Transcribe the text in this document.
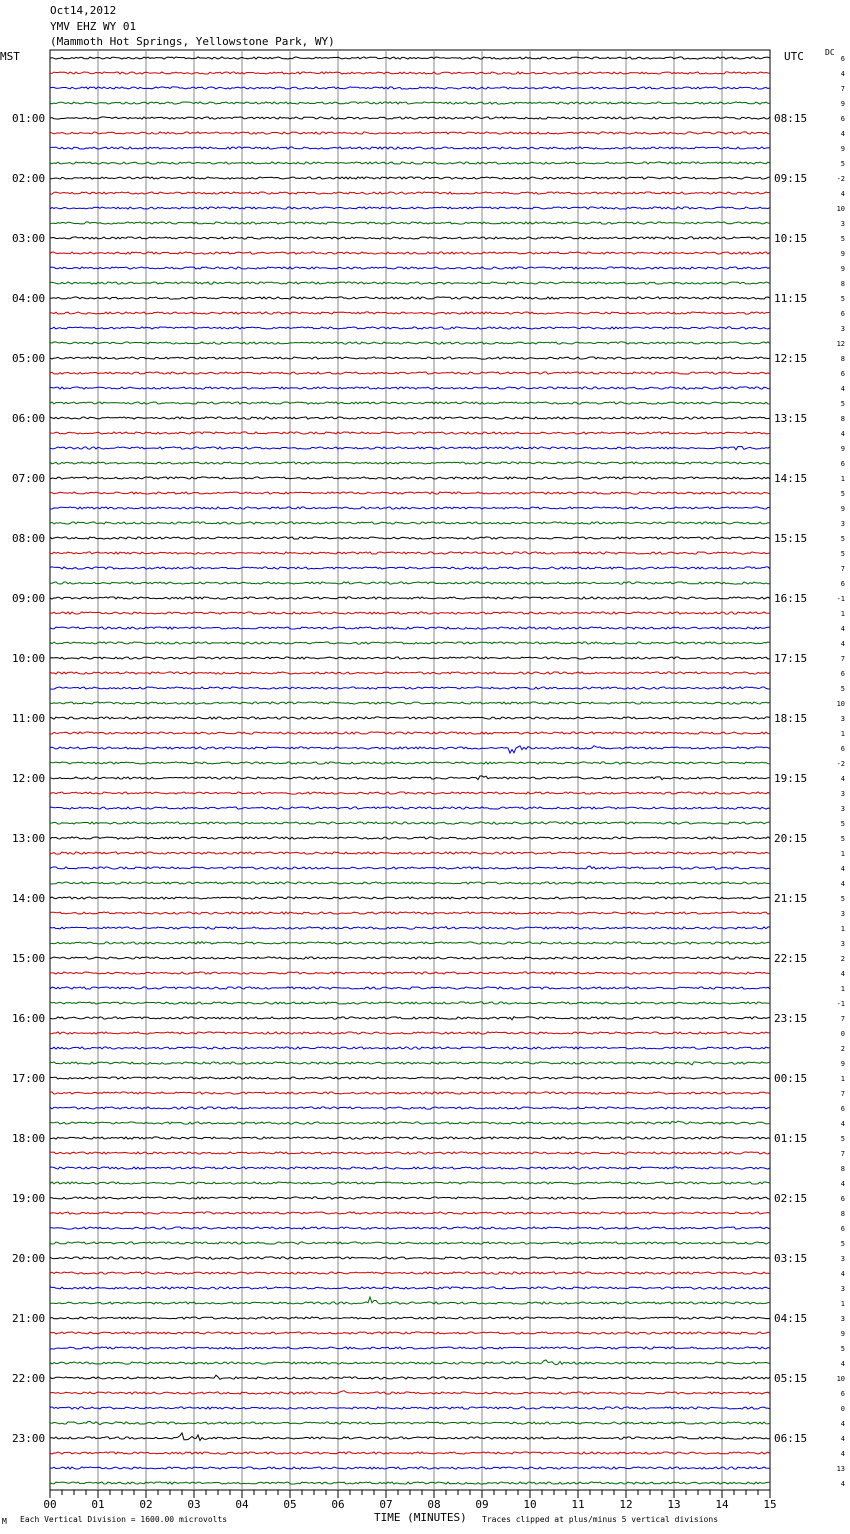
Oct14,2012
YMV EHZ WY 01
(Mammoth Hot Springs, Yellowstone Park, WY)
MST	UTC	DC
01:00
02:00
03:00
04:00
05:00
06:00
07:00
08:00
09:00
10:00
11:00
12:00
13:00
14:00
15:00
16:00
17:00
18:00
19:00
20:00
21:00
22:00
23:00
08:15
09:15
10:15
11:15
12:15
13:15
14:15
15:15
16:15
17:15
18:15
19:15
20:15
21:15
22:15
23:15
00:15
01:15
02:15
03:15
04:15
05:15
06:15
6
4
7
9
6
4
9
5
-2
4
10
3
5
9
9
8
5
6
3
12
8
6
4
5
8
4
9
6
1
5
9
3
5
5
7
6
-1
1
4
4
7
6
5
10
3
1
6
-2
4
3
3
5
5
1
4
4
5
3
1
3
2
4
1
-1
7
0
2
9
1
7
6
4
5
7
8
4
6
8
6
5
3
4
3
1
3
9
5
4
10
6
0
4
4
4
13
4
00	01	02	03	04	05	06	07	08	09	10	11	12	13	14	15
M Each Vertical Division = 1600.00 microvolts	TIME (MINUTES) Traces clipped at plus/minus 5 vertical divisions
